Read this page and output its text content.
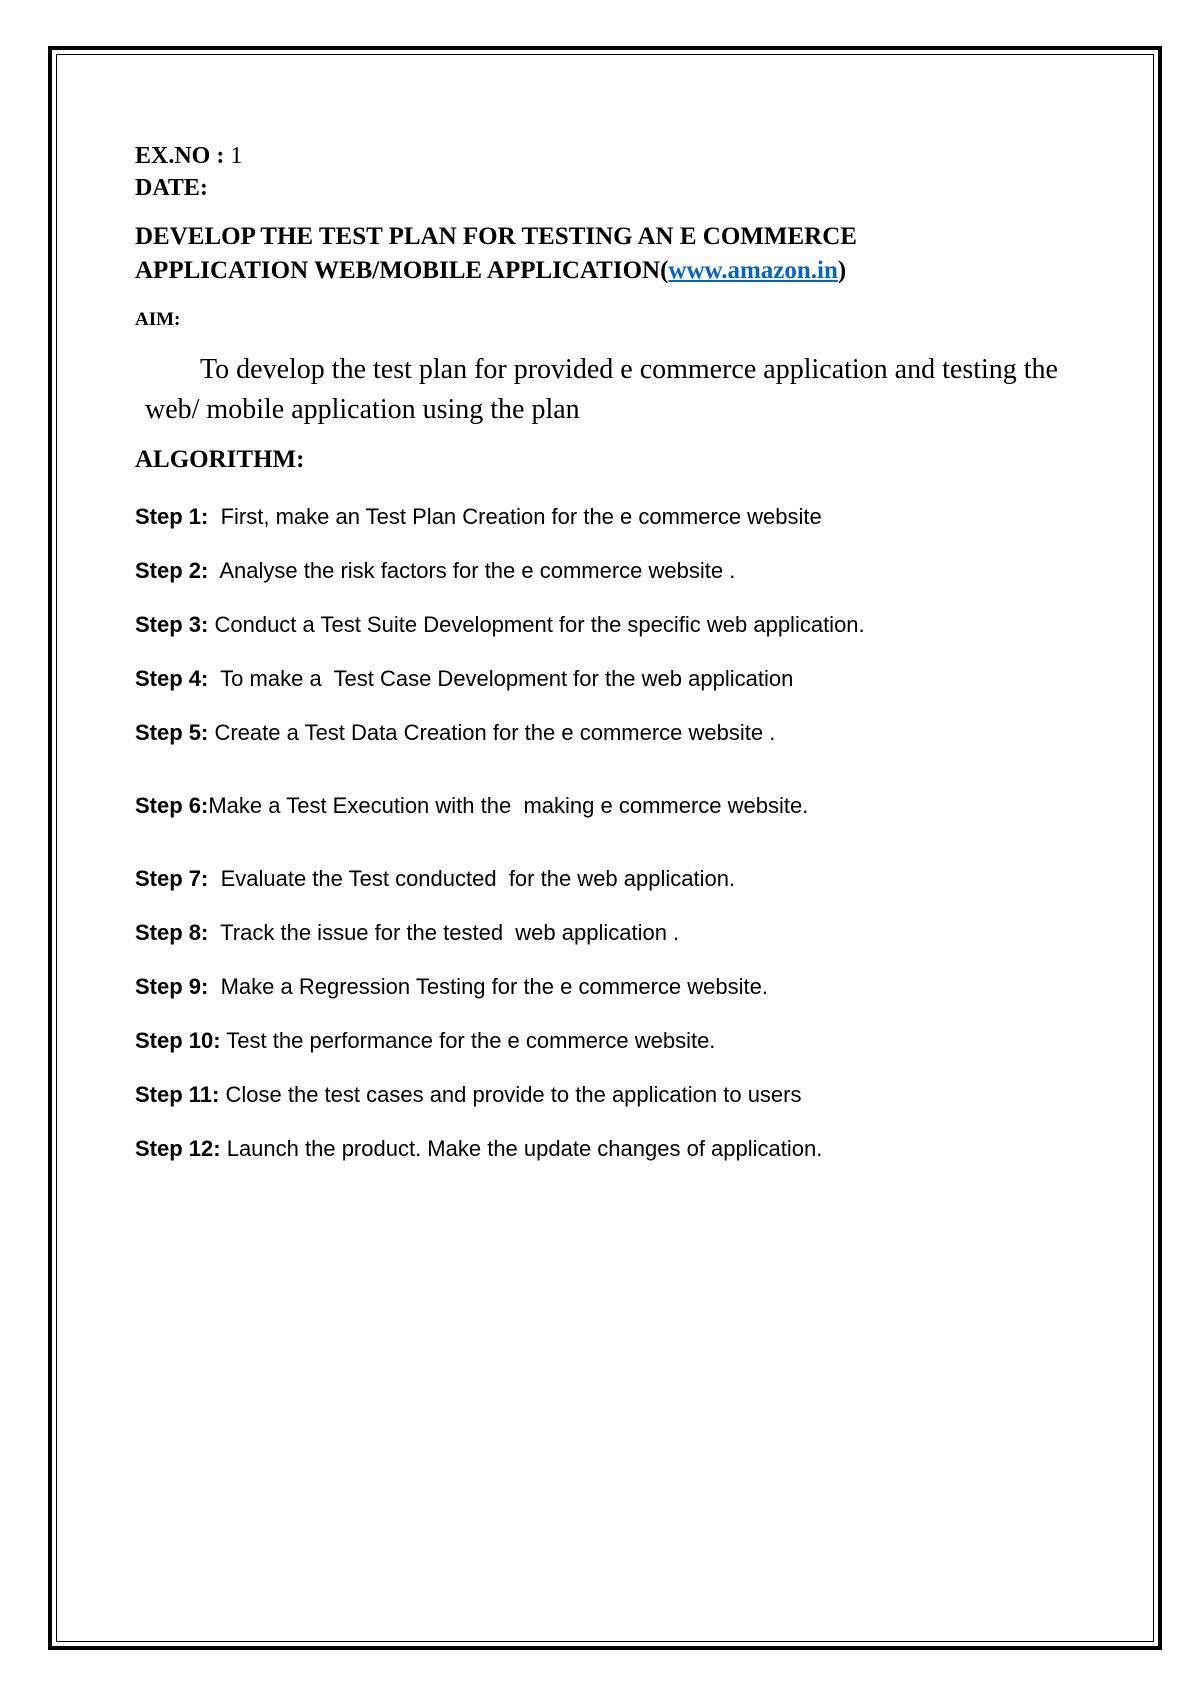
EX.NO : 1
DATE:
DEVELOP THE TEST PLAN FOR TESTING AN E COMMERCE
APPLICATION WEB/MOBILE APPLICATION(www.amazon.in)
AIM:
To develop the test plan for provided e commerce application and testing the web/ mobile application using the plan
ALGORITHM:
Step 1:  First, make an Test Plan Creation for the e commerce website
Step 2:  Analyse the risk factors for the e commerce website .
Step 3: Conduct a Test Suite Development for the specific web application.
Step 4:  To make a  Test Case Development for the web application
Step 5: Create a Test Data Creation for the e commerce website .
Step 6:Make a Test Execution with the  making e commerce website.
Step 7:  Evaluate the Test conducted  for the web application.
Step 8:  Track the issue for the tested  web application .
Step 9:  Make a Regression Testing for the e commerce website.
Step 10: Test the performance for the e commerce website.
Step 11: Close the test cases and provide to the application to users
Step 12: Launch the product. Make the update changes of application.
